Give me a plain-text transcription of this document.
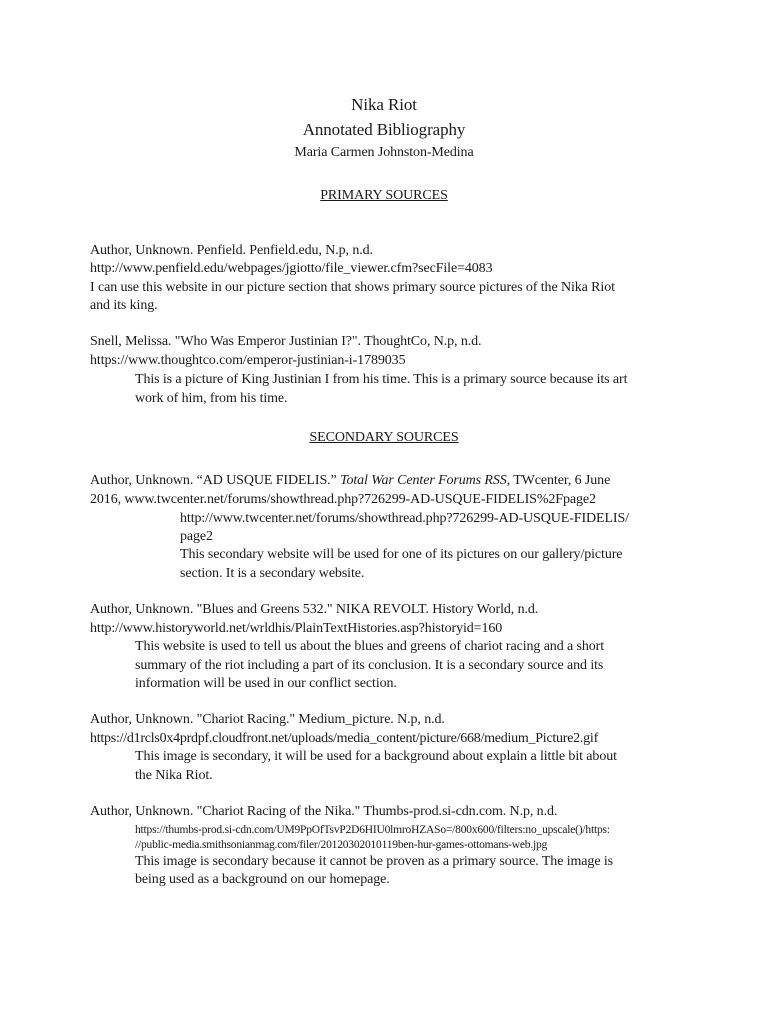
Nika Riot

Annotated Bibliography

Maria Carmen Johnston-Medina

PRIMARY SOURCES

Author, Unknown. Penfield. Penfield.edu, N.p, n.d.

http://www.penfield.edu/webpages/jgiotto/file_viewer.cfm?secFile=4083

I can use this website in our picture section that shows primary source pictures of the Nika Riot

and its king.

Snell, Melissa. "Who Was Emperor Justinian I?". ThoughtCo, N.p, n.d.

https://www.thoughtco.com/emperor-justinian-i-1789035

This is a picture of King Justinian I from his time. This is a primary source because its art

work of him, from his time.

SECONDARY SOURCES

Author, Unknown. “AD USQUE FIDELIS.” Total War Center Forums RSS, TWcenter, 6 June

2016, www.twcenter.net/forums/showthread.php?726299-AD-USQUE-FIDELIS%2Fpage2

http://www.twcenter.net/forums/showthread.php?726299-AD-USQUE-FIDELIS/

page2

This secondary website will be used for one of its pictures on our gallery/picture

section. It is a secondary website.

Author, Unknown. "Blues and Greens 532." NIKA REVOLT. History World, n.d.

http://www.historyworld.net/wrldhis/PlainTextHistories.asp?historyid=160

This website is used to tell us about the blues and greens of chariot racing and a short

summary of the riot including a part of its conclusion. It is a secondary source and its

information will be used in our conflict section.

Author, Unknown. "Chariot Racing." Medium_picture. N.p, n.d.

https://d1rcls0x4prdpf.cloudfront.net/uploads/media_content/picture/668/medium_Picture2.gif

This image is secondary, it will be used for a background about explain a little bit about

the Nika Riot.

Author, Unknown. "Chariot Racing of the Nika." Thumbs-prod.si-cdn.com. N.p, n.d.

https://thumbs-prod.si-cdn.com/UM9PpOfTsvP2D6HIU0lmroHZASo=/800x600/filters:no_upscale()/https:

//public-media.smithsonianmag.com/filer/20120302010119ben-hur-games-ottomans-web.jpg

This image is secondary because it cannot be proven as a primary source. The image is

being used as a background on our homepage.
